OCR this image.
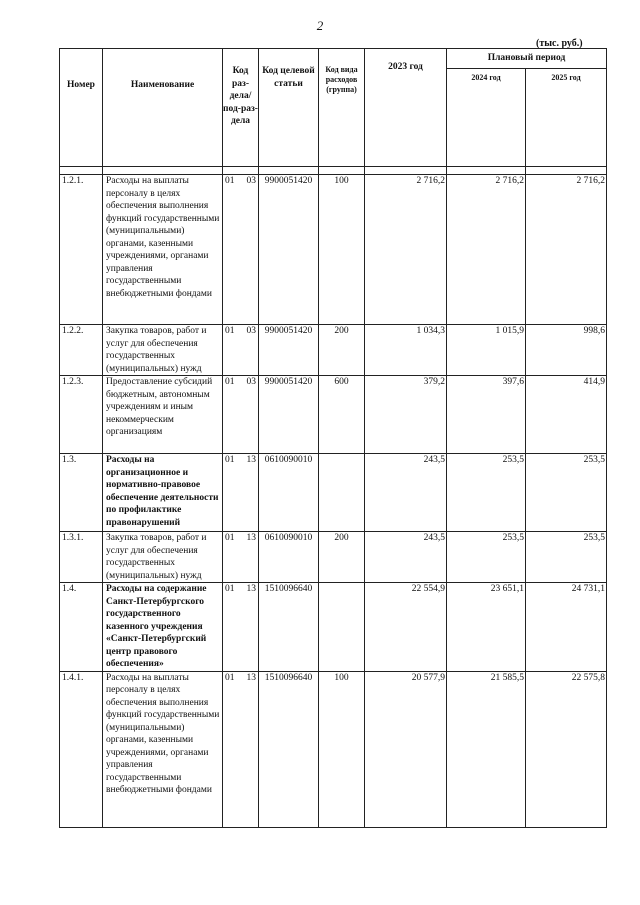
2
(тыс. руб.)
Номер	Наименование	Код раз-дела/ под-раз-дела	Код целевой статьи	Код вида расходов (группа)	2023 год	Плановый период	
						2024 год	2025 год

1.2.1.	Расходы на выплаты персоналу в целях обеспечения выполнения функций государственными (муниципальными) органами, казенными учреждениями, органами управления государственными внебюджетными фондами	01 03	9900051420	100	2 716,2	2 716,2	2 716,2
1.2.2.	Закупка товаров, работ и услуг для обеспечения государственных (муниципальных) нужд	01 03	9900051420	200	1 034,3	1 015,9	998,6
1.2.3.	Предоставление субсидий бюджетным, автономным учреждениям и иным некоммерческим организациям	01 03	9900051420	600	379,2	397,6	414,9
1.3.	Расходы на организационное и нормативно-правовое обеспечение деятельности по профилактике правонарушений	01 13	0610090010		243,5	253,5	253,5
1.3.1.	Закупка товаров, работ и услуг для обеспечения государственных (муниципальных) нужд	01 13	0610090010	200	243,5	253,5	253,5
1.4.	Расходы на содержание Санкт-Петербургского государственного казенного учреждения «Санкт-Петербургский центр правового обеспечения»	01 13	1510096640		22 554,9	23 651,1	24 731,1
1.4.1.	Расходы на выплаты персоналу в целях обеспечения выполнения функций государственными (муниципальными) органами, казенными учреждениями, органами управления государственными внебюджетными фондами	01 13	1510096640	100	20 577,9	21 585,5	22 575,8
